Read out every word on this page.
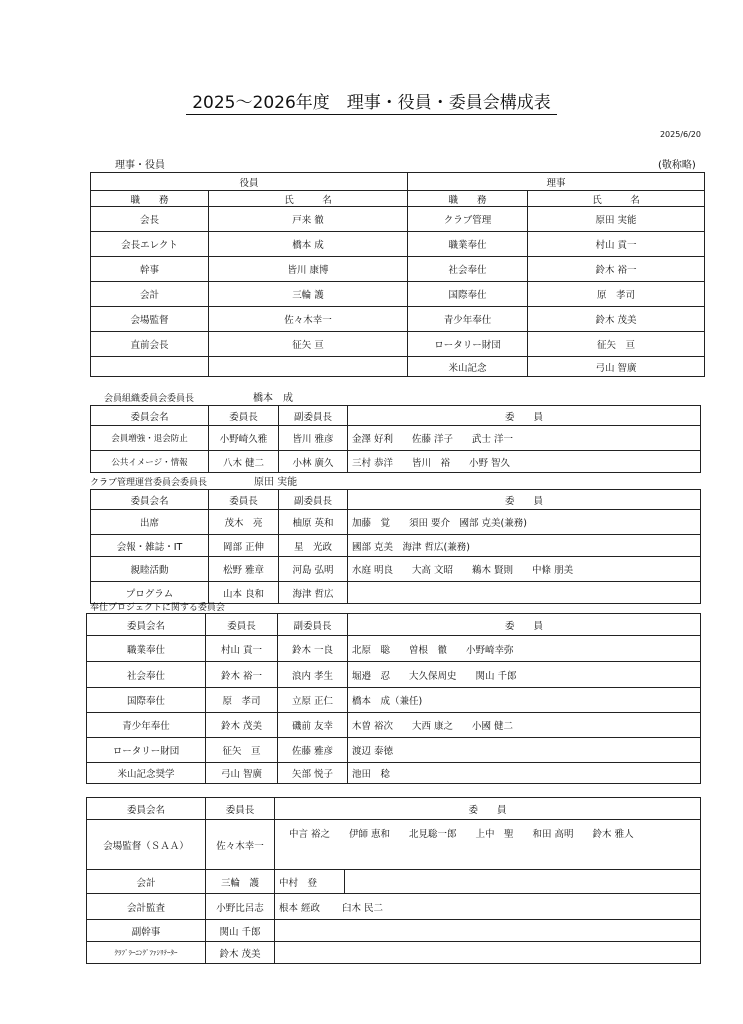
2025～2026年度　理事・役員・委員会構成表
2025/6/20
理事・役員	(敬称略)
役員		理事	
職　　務	氏　　　名	職　　務	氏　　　名
会長	戸来 徹	クラブ管理	原田 実能
会長エレクト	橋本 成	職業奉仕	村山 貢一
幹事	皆川 康博	社会奉仕	鈴木 裕一
会計	三輪 護	国際奉仕	原　孝司
会場監督	佐々木幸一	青少年奉仕	鈴木 茂美
直前会長	征矢 亘	ロータリー財団	征矢　亘
		米山記念	弓山 智廣
会員組織委員会委員長	橋本　成
委員会名	委員長	副委員長	委　　員
会員増強・退会防止	小野崎久雅	皆川 雅彦	金澤 好利　　佐藤 洋子　　武士 洋一
公共イメージ・情報	八木 健二	小林 廣久	三村 恭洋　　皆川　裕　　小野 智久
クラブ管理運営委員会委員長	原田 実能
委員会名	委員長	副委員長	委　　員
出席	茂木　亮	柚原 英和	加藤　覚　　須田 要介　國部 克美(兼務)
会報・雑誌・IT	岡部 正伸	星　光政	國部 克美　海津 哲広(兼務)
親睦活動	松野 雅章	河島 弘明	水庭 明良　　大高 文昭　　鵜木 賢則　　中條 朋美
プログラム	山本 良和	海津 哲広	
奉仕プロジェクトに関する委員会
委員会名	委員長	副委員長	委　　員
職業奉仕	村山 貢一	鈴木 一良	北原　聡　　曽根　徹　　小野崎幸弥
社会奉仕	鈴木 裕一	浪内 孝生	堀邉　忍　　大久保周史　　関山 千郎
国際奉仕	原　孝司	立原 正仁	橋本　成（兼任)
青少年奉仕	鈴木 茂美	磯前 友幸	木曽 裕次　　大西 康之　　小國 健二
ロータリー財団	征矢　亘	佐藤 雅彦	渡辺 泰徳
米山記念奨学	弓山 智廣	矢部 悦子	池田　稔
委員会名	委員長	委　　員	
会場監督（ＳＡＡ）	佐々木幸一	中言 裕之　　伊師 恵和　　北見聡一郎　　上中　聖　　和田 高明　　鈴木 雅人	
会計	三輪　護	中村　登	
会計監査	小野比呂志	根本 經政 臼木 民二	
副幹事	関山 千郎		
ｸﾗﾌﾞﾗｰﾆﾝｸﾞﾌｧｼﾘﾃｰﾀｰ	鈴木 茂美		
